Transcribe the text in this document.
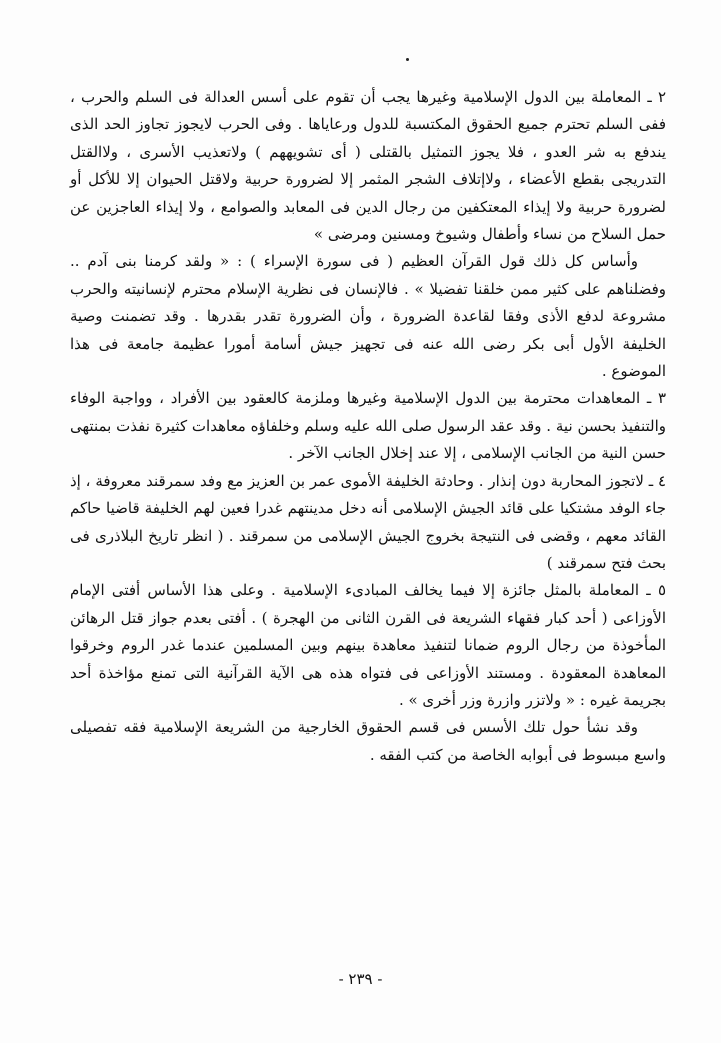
٢ ـ المعاملة بين الدول الإسلامية وغيرها يجب أن تقوم على أسس العدالة فى السلم والحرب ، ففى السلم تحترم جميع الحقوق المكتسبة للدول ورعاياها . وفى الحرب لايجوز تجاوز الحد الذى يندفع به شر العدو ، فلا يجوز التمثيل بالقتلى ( أى تشويههم ) ولاتعذيب الأسرى ، ولاالقتل التدريجى بقطع الأعضاء ، ولاإتلاف الشجر المثمر إلا لضرورة حربية ولاقتل الحيوان إلا للأكل أو لضرورة حربية ولا إيذاء المعتكفين من رجال الدين فى المعابد والصوامع ، ولا إيذاء العاجزين عن حمل السلاح من نساء وأطفال وشيوخ ومسنين ومرضى »

وأساس كل ذلك قول القرآن العظيم ( فى سورة الإسراء ) : « ولقد كرمنا بنى آدم .. وفضلناهم على كثير ممن خلقنا تفضيلا » . فالإنسان فى نظرية الإسلام محترم لإنسانيته والحرب مشروعة لدفع الأذى وفقا لقاعدة الضرورة ، وأن الضرورة تقدر بقدرها . وقد تضمنت وصية الخليفة الأول أبى بكر رضى الله عنه فى تجهيز جيش أسامة أمورا عظيمة جامعة فى هذا الموضوع .

٣ ـ المعاهدات محترمة بين الدول الإسلامية وغيرها وملزمة كالعقود بين الأفراد ، وواجبة الوفاء والتنفيذ بحسن نية . وقد عقد الرسول صلى الله عليه وسلم وخلفاؤه معاهدات كثيرة نفذت بمنتهى حسن النية من الجانب الإسلامى ، إلا عند إخلال الجانب الآخر .

٤ ـ لاتجوز المحاربة دون إنذار . وحادثة الخليفة الأموى عمر بن العزيز مع وفد سمرقند معروفة ، إذ جاء الوفد مشتكيا على قائد الجيش الإسلامى أنه دخل مدينتهم غدرا فعين لهم الخليفة قاضيا حاكم القائد معهم ، وقضى فى النتيجة بخروج الجيش الإسلامى من سمرقند . ( انظر تاريخ البلاذرى فى بحث فتح سمرقند )

٥ ـ المعاملة بالمثل جائزة إلا فيما يخالف المبادىء الإسلامية . وعلى هذا الأساس أفتى الإمام الأوزاعى ( أحد كبار فقهاء الشريعة فى القرن الثانى من الهجرة ) . أفتى بعدم جواز قتل الرهائن المأخوذة من رجال الروم ضمانا لتنفيذ معاهدة بينهم وبين المسلمين عندما غدر الروم وخرقوا المعاهدة المعقودة . ومستند الأوزاعى فى فتواه هذه هى الآية القرآنية التى تمنع مؤاخذة أحد بجريمة غيره : « ولاتزر وازرة وزر أخرى » .

وقد نشأ حول تلك الأسس فى قسم الحقوق الخارجية من الشريعة الإسلامية فقه تفصيلى واسع مبسوط فى أبوابه الخاصة من كتب الفقه .

- ٢٣٩ -
